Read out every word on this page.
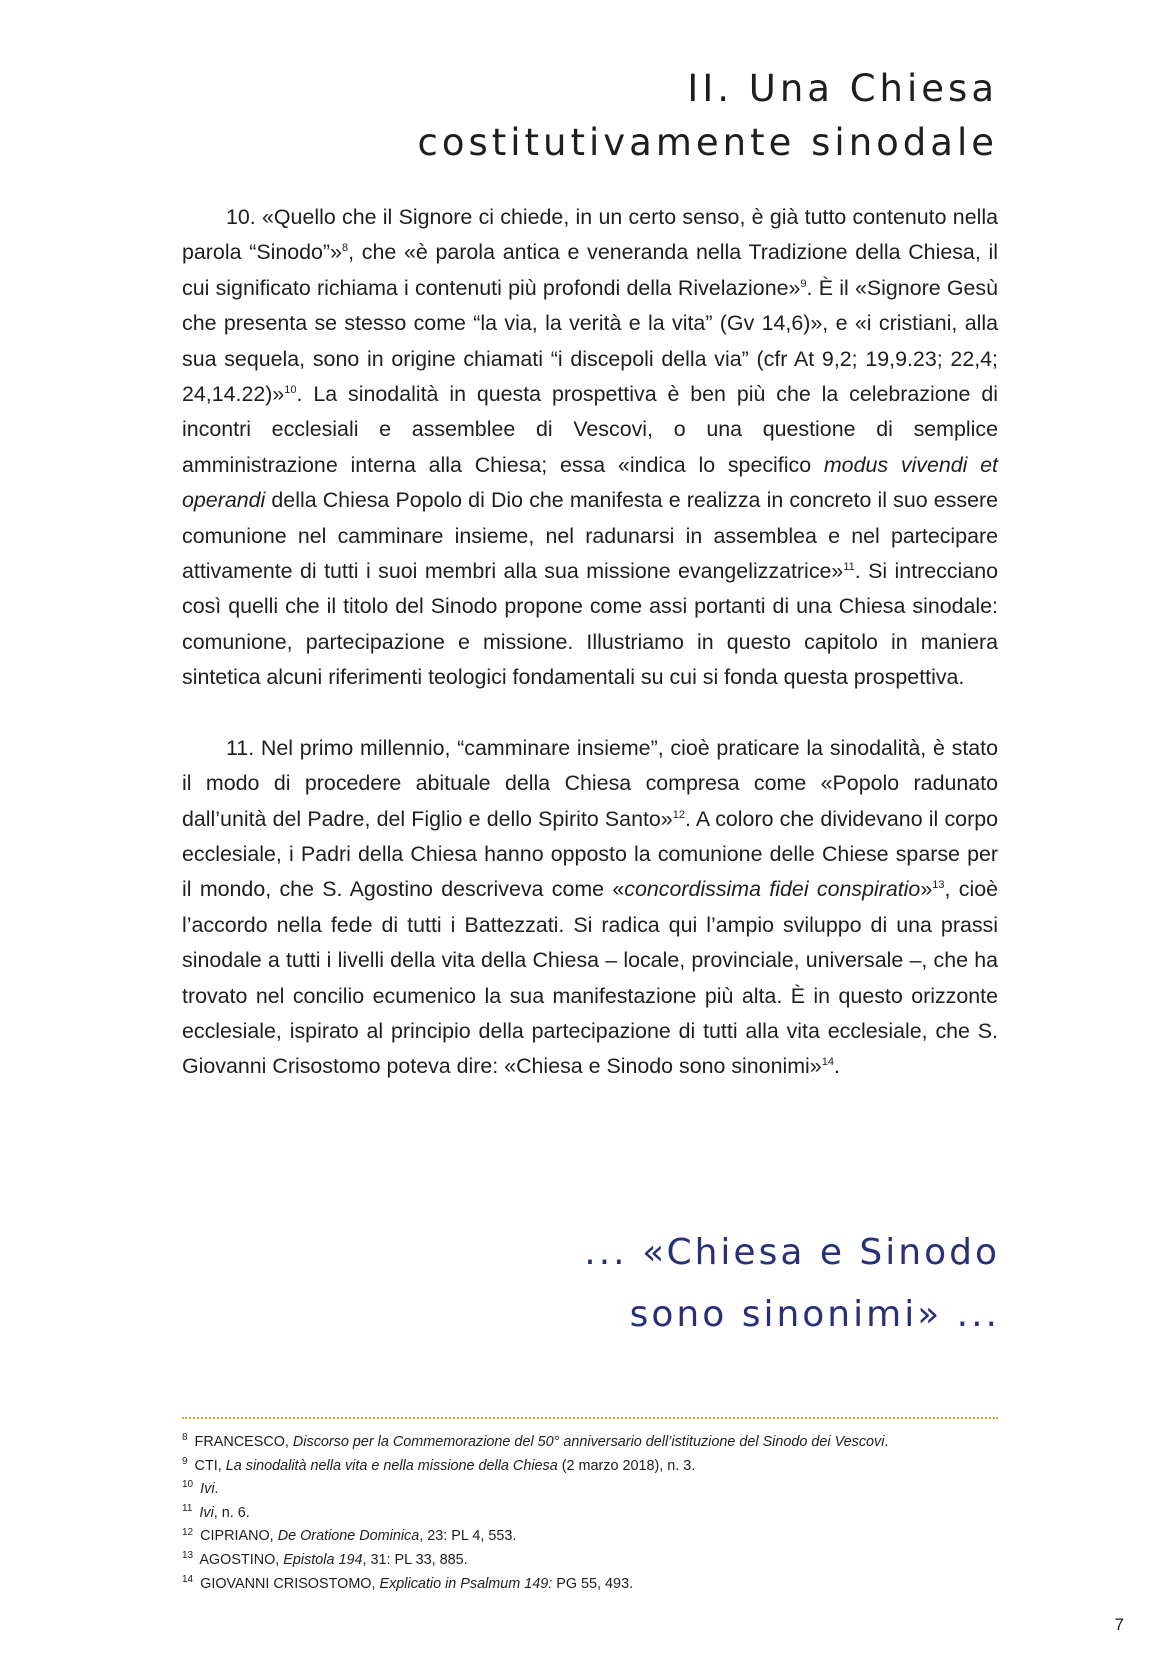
II. Una Chiesa
costitutivamente sinodale

10. «Quello che il Signore ci chiede, in un certo senso, è già tutto contenuto nella parola “Sinodo”»$^8$, che «è parola antica e veneranda nella Tradizione della Chiesa, il cui significato richiama i contenuti più profondi della Rivelazione»$^9$. È il «Signore Gesù che presenta se stesso come “la via, la verità e la vita” (Gv 14,6)», e «i cristiani, alla sua sequela, sono in origine chiamati “i discepoli della via” (cfr At 9,2; 19,9.23; 22,4; 24,14.22)»$^{10}$. La sinodalità in questa prospettiva è ben più che la celebrazione di incontri ecclesiali e assemblee di Vescovi, o una questione di semplice amministrazione interna alla Chiesa; essa «indica lo specifico modus vivendi et operandi della Chiesa Popolo di Dio che manifesta e realizza in concreto il suo essere comunione nel camminare insieme, nel radunarsi in assemblea e nel partecipare attivamente di tutti i suoi membri alla sua missione evangelizzatrice»$^{11}$. Si intrecciano così quelli che il titolo del Sinodo propone come assi portanti di una Chiesa sinodale: comunione, partecipazione e missione. Illustriamo in questo capitolo in maniera sintetica alcuni riferimenti teologici fondamentali su cui si fonda questa prospettiva.

11. Nel primo millennio, “camminare insieme”, cioè praticare la sinodalità, è stato il modo di procedere abituale della Chiesa compresa come «Popolo radunato dall’unità del Padre, del Figlio e dello Spirito Santo»$^{12}$. A coloro che dividevano il corpo ecclesiale, i Padri della Chiesa hanno opposto la comunione delle Chiese sparse per il mondo, che S. Agostino descriveva come «concordissima fidei conspiratio»$^{13}$, cioè l’accordo nella fede di tutti i Battezzati. Si radica qui l’ampio sviluppo di una prassi sinodale a tutti i livelli della vita della Chiesa – locale, provinciale, universale –, che ha trovato nel concilio ecumenico la sua manifestazione più alta. È in questo orizzonte ecclesiale, ispirato al principio della partecipazione di tutti alla vita ecclesiale, che S. Giovanni Crisostomo poteva dire: «Chiesa e Sinodo sono sinonimi»$^{14}$.

... «Chiesa e Sinodo
sono sinonimi» ...

$^8$ FRANCESCO, Discorso per la Commemorazione del 50° anniversario dell’istituzione del Sinodo dei Vescovi.

$^9$ CTI, La sinodalità nella vita e nella missione della Chiesa (2 marzo 2018), n. 3.

$^{10}$ Ivi.

$^{11}$ Ivi, n. 6.

$^{12}$ CIPRIANO, De Oratione Dominica, 23: PL 4, 553.

$^{13}$ AGOSTINO, Epistola 194, 31: PL 33, 885.

$^{14}$ GIOVANNI CRISOSTOMO, Explicatio in Psalmum 149: PG 55, 493.

7
